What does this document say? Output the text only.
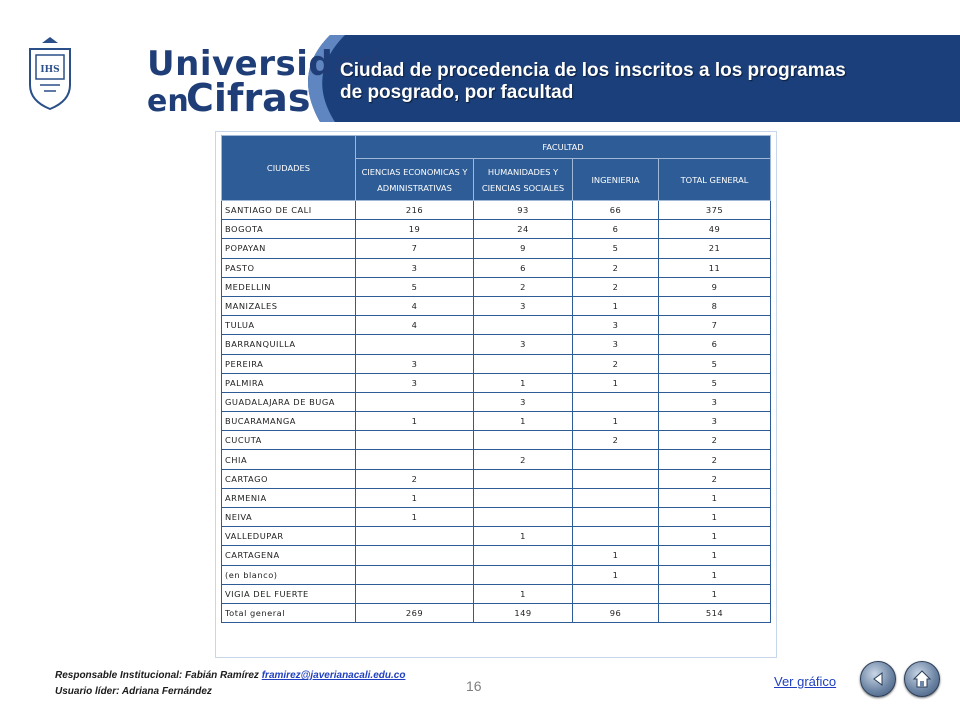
IHS	Universidad
en
Cifras
Ciudad de procedencia de los inscritos a los programas
de posgrado, por facultad
CIUDADES	FACULTAD			
	CIENCIAS ECONOMICAS Y ADMINISTRATIVAS	HUMANIDADES Y CIENCIAS SOCIALES	INGENIERIA	TOTAL GENERAL
SANTIAGO DE CALI	216	93	66	375
BOGOTA	19	24	6	49
POPAYAN	7	9	5	21
PASTO	3	6	2	11
MEDELLIN	5	2	2	9
MANIZALES	4	3	1	8
TULUA	4		3	7
BARRANQUILLA		3	3	6
PEREIRA	3		2	5
PALMIRA	3	1	1	5
GUADALAJARA DE BUGA		3		3
BUCARAMANGA	1	1	1	3
CUCUTA			2	2
CHIA		2		2
CARTAGO	2			2
ARMENIA	1			1
NEIVA	1			1
VALLEDUPAR		1		1
CARTAGENA			1	1
(en blanco)			1	1
VIGIA DEL FUERTE		1		1
Total general	269	149	96	514
Responsable Institucional: Fabián Ramírez framirez@javerianacali.edu.co
Usuario líder: Adriana Fernández	16	Ver gráfico
